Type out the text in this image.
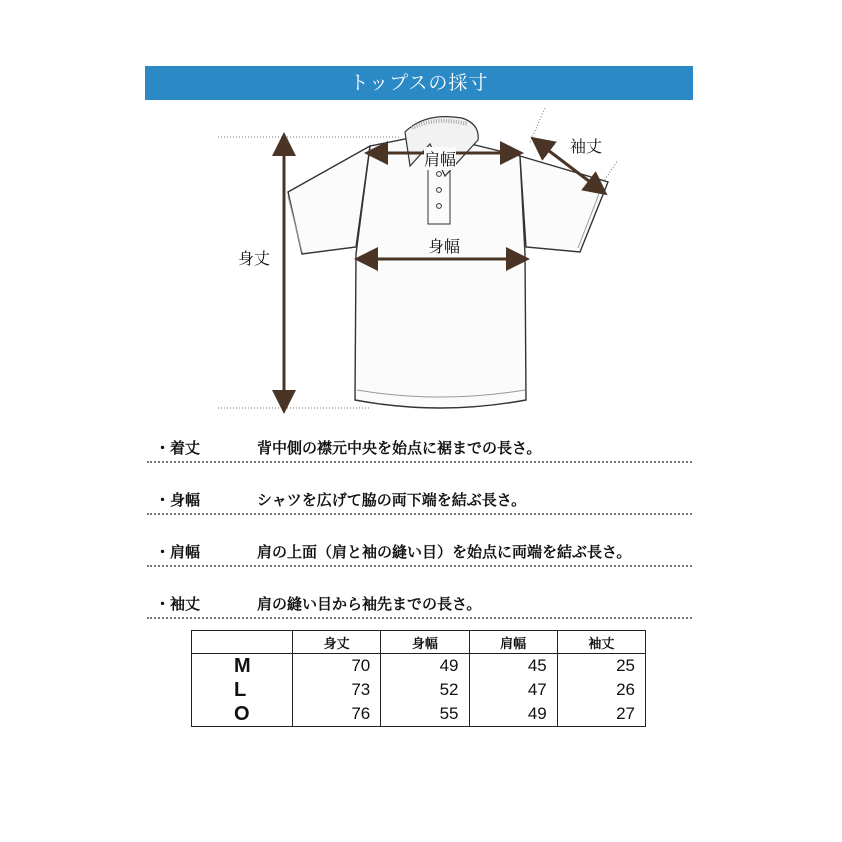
トップスの採寸
身丈
肩幅
身幅
袖丈
・着丈	背中側の襟元中央を始点に裾までの長さ。
・身幅	シャツを広げて脇の両下端を結ぶ長さ。
・肩幅	肩の上面（肩と袖の縫い目）を始点に両端を結ぶ長さ。
・袖丈	肩の縫い目から袖先までの長さ。
	身丈	身幅	肩幅	袖丈
M	70	49	45	25
L	73	52	47	26
O	76	55	49	27
